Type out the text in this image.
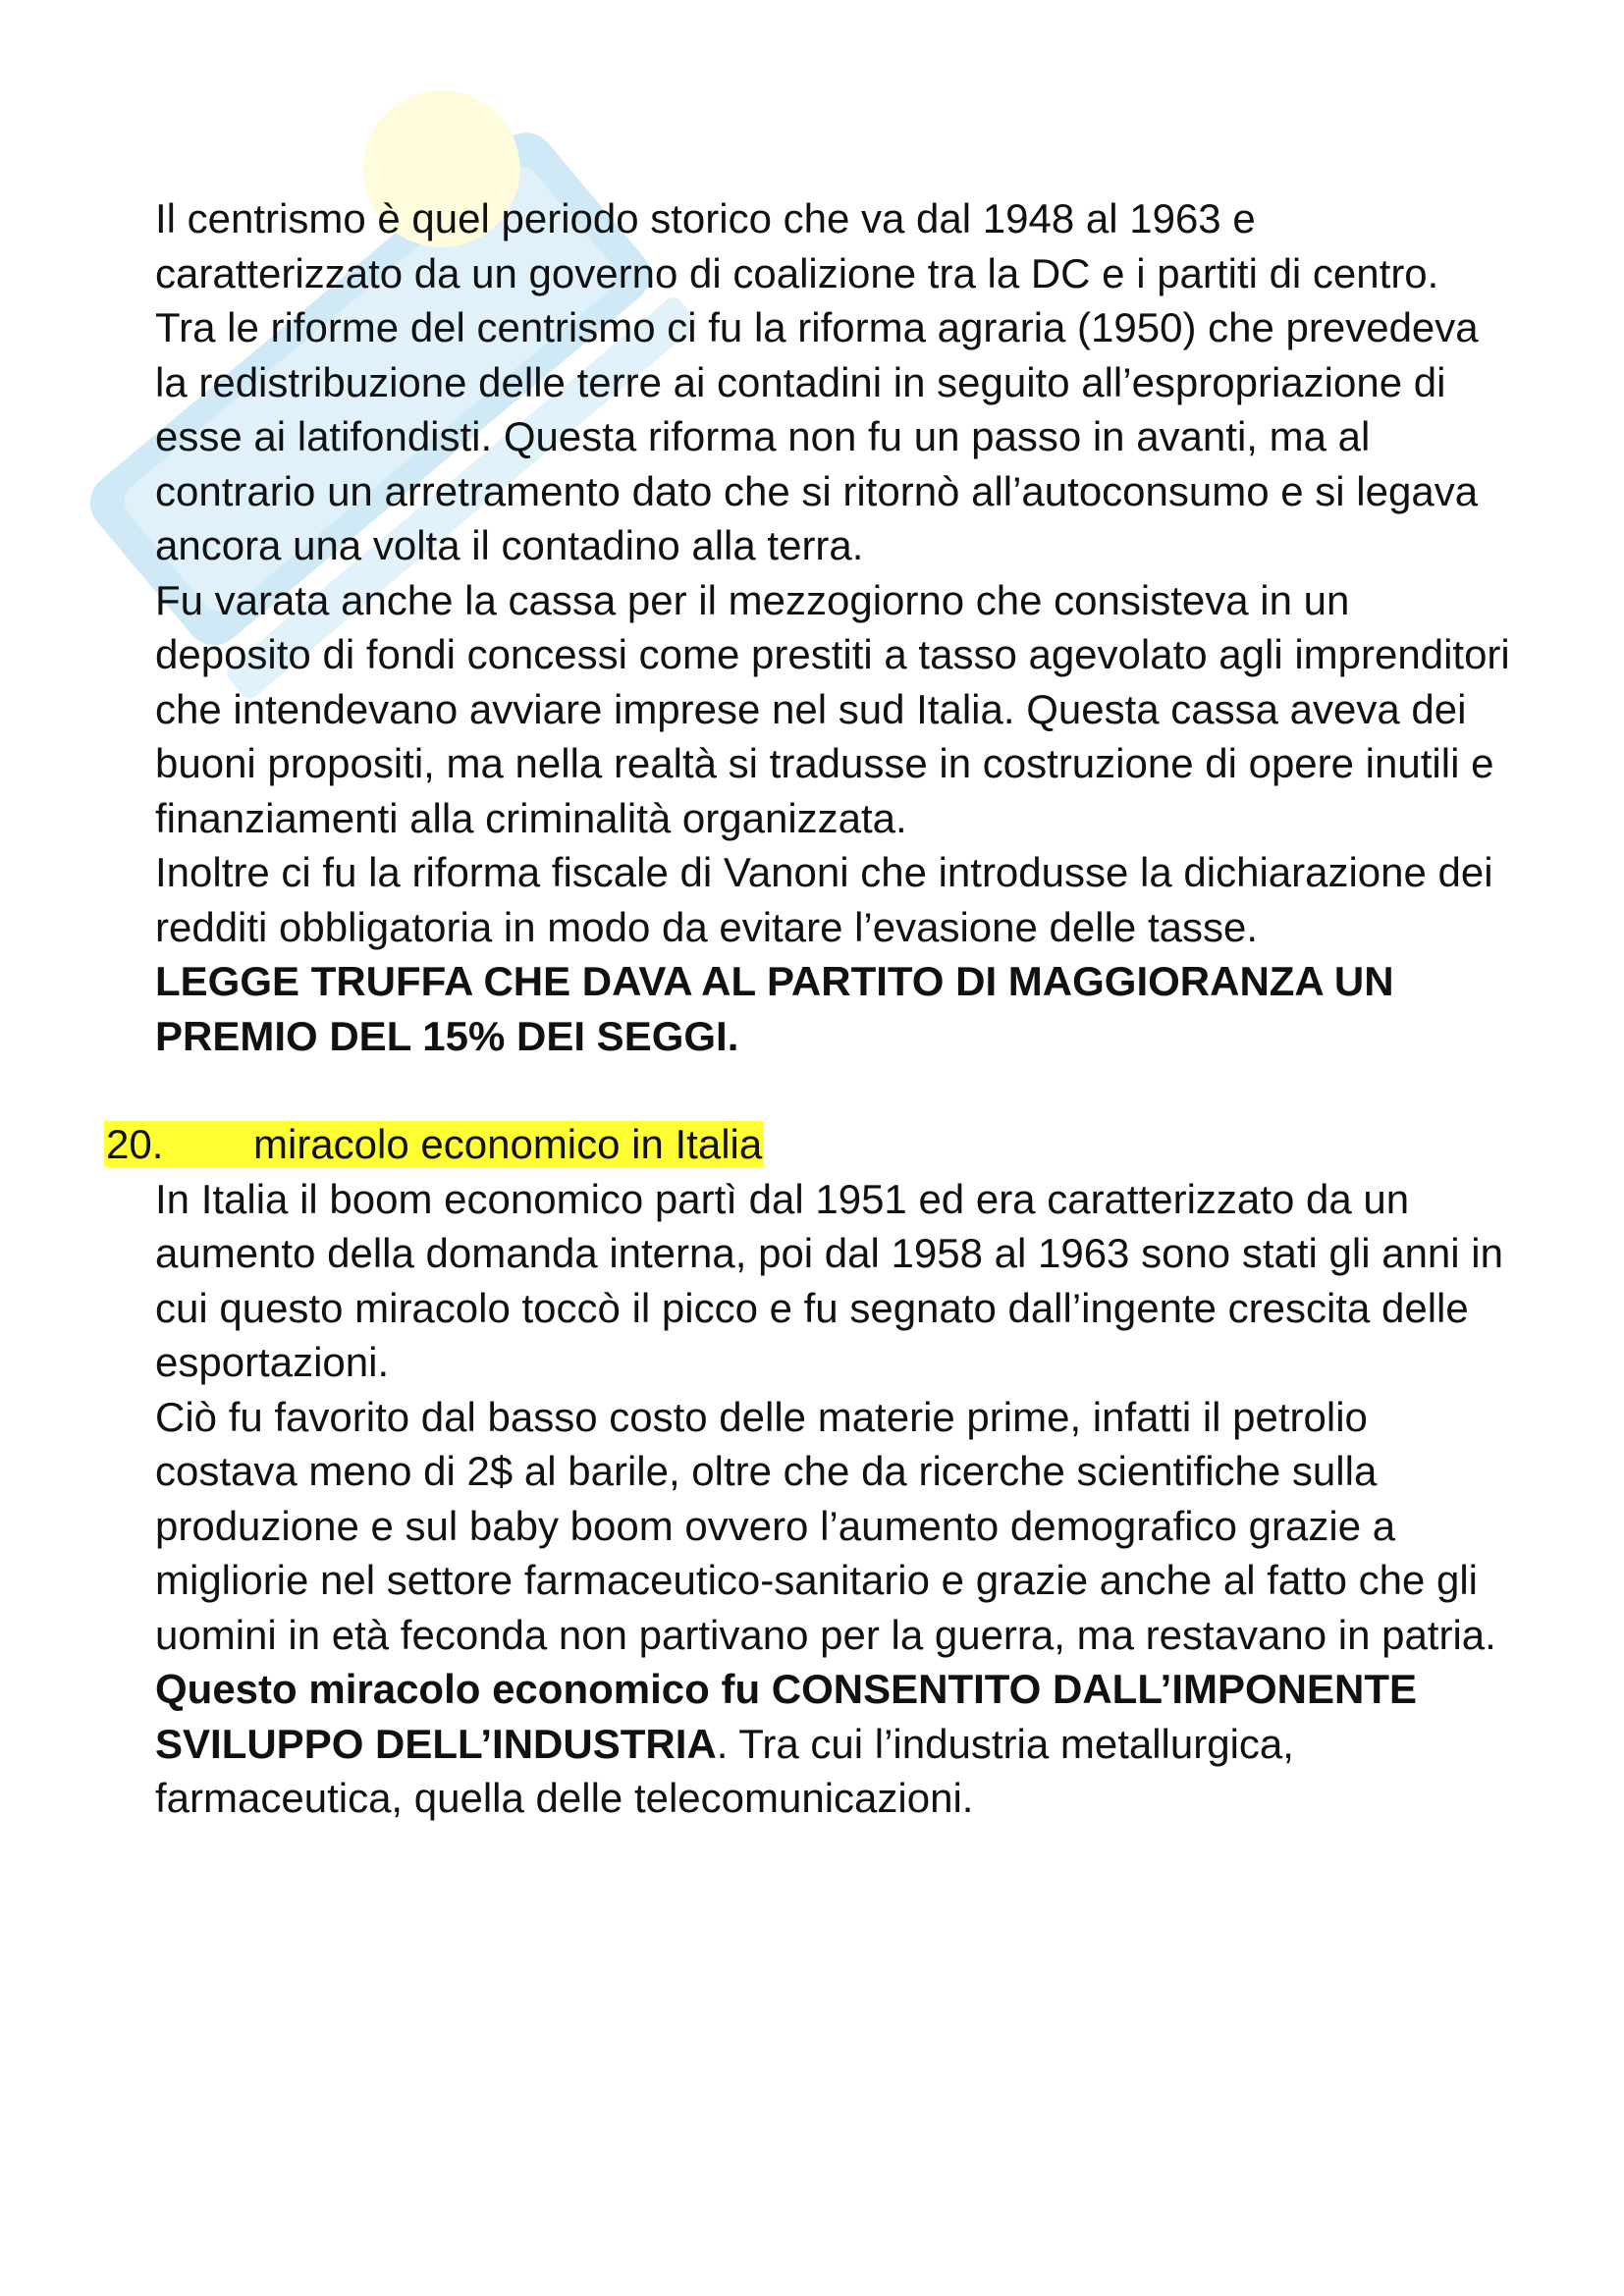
Il centrismo è quel periodo storico che va dal 1948 al 1963 e caratterizzato da un governo di coalizione tra la DC e i partiti di centro.

Tra le riforme del centrismo ci fu la riforma agraria (1950) che prevedeva la redistribuzione delle terre ai contadini in seguito all’espropriazione di esse ai latifondisti. Questa riforma non fu un passo in avanti, ma al contrario un arretramento dato che si ritornò all’autoconsumo e si legava ancora una volta il contadino alla terra.

Fu varata anche la cassa per il mezzogiorno che consisteva in un deposito di fondi concessi come prestiti a tasso agevolato agli imprenditori che intendevano avviare imprese nel sud Italia. Questa cassa aveva dei buoni propositi, ma nella realtà si tradusse in costruzione di opere inutili e finanziamenti alla criminalità organizzata.

Inoltre ci fu la riforma fiscale di Vanoni che introdusse la dichiarazione dei redditi obbligatoria in modo da evitare l’evasione delle tasse.

LEGGE TRUFFA CHE DAVA AL PARTITO DI MAGGIORANZA UN PREMIO DEL 15% DEI SEGGI.

20. miracolo economico in Italia

In Italia il boom economico partì dal 1951 ed era caratterizzato da un aumento della domanda interna, poi dal 1958 al 1963 sono stati gli anni in cui questo miracolo toccò il picco e fu segnato dall’ingente crescita delle esportazioni.

Ciò fu favorito dal basso costo delle materie prime, infatti il petrolio costava meno di 2$ al barile, oltre che da ricerche scientifiche sulla produzione e sul baby boom ovvero l’aumento demografico grazie a migliorie nel settore farmaceutico-sanitario e grazie anche al fatto che gli uomini in età feconda non partivano per la guerra, ma restavano in patria.

Questo miracolo economico fu CONSENTITO DALL’IMPONENTE SVILUPPO DELL’INDUSTRIA. Tra cui l’industria metallurgica, farmaceutica, quella delle telecomunicazioni.
